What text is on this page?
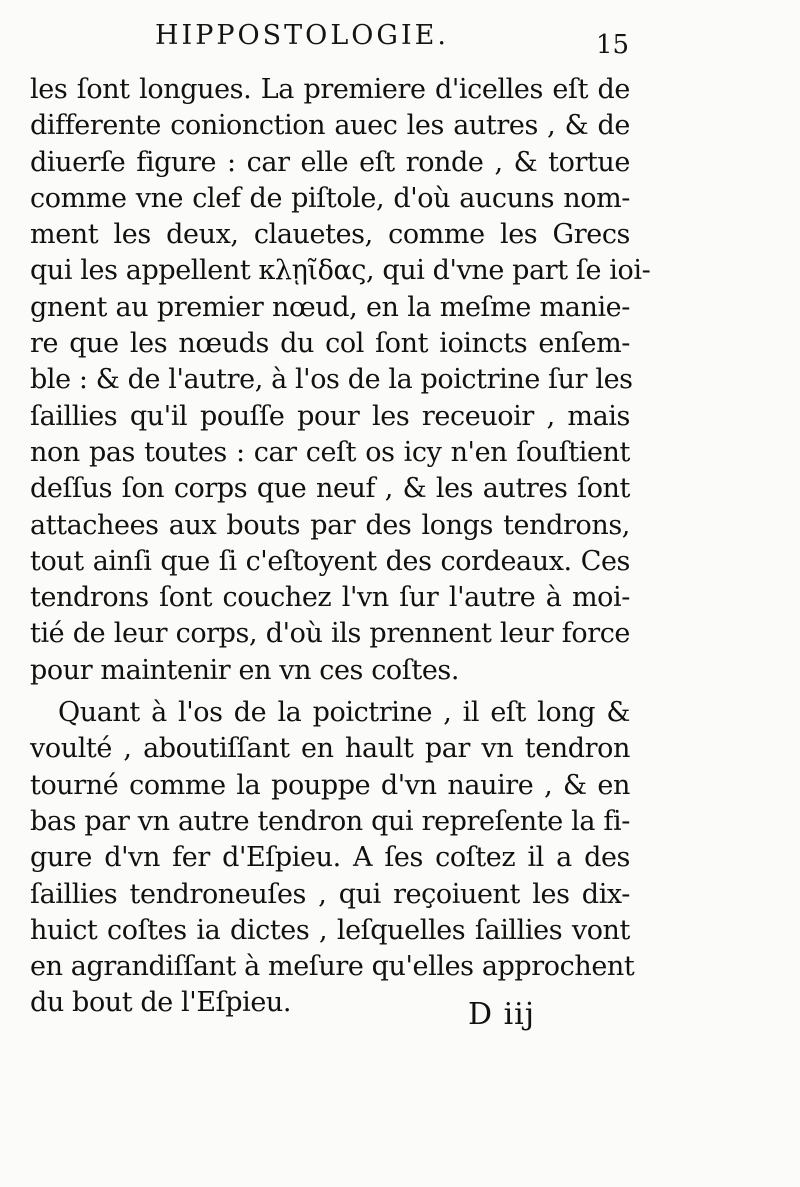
HIPPOSTOLOGIE.	15
les ſont longues. La premiere d'icelles eſt de
differente conionction auec les autres , & de
diuerſe figure : car elle eſt ronde , & tortue
comme vne clef de piſtole, d'où aucuns nom-
ment les deux, clauetes, comme les Grecs
qui les appellent κλῃῖδας, qui d'vne part ſe ioi-
gnent au premier nœud, en la meſme manie-
re que les nœuds du col ſont ioincts enſem-
ble : & de l'autre, à l'os de la poictrine ſur les
ſaillies qu'il pouſſe pour les receuoir , mais
non pas toutes : car ceſt os icy n'en ſouſtient
deſſus ſon corps que neuf , & les autres ſont
attachees aux bouts par des longs tendrons,
tout ainſi que ſi c'eſtoyent des cordeaux. Ces
tendrons ſont couchez l'vn ſur l'autre à moi-
tié de leur corps, d'où ils prennent leur force
pour maintenir en vn ces coſtes.
Quant à l'os de la poictrine , il eſt long &
voulté , aboutiſſant en hault par vn tendron
tourné comme la pouppe d'vn nauire , & en
bas par vn autre tendron qui repreſente la fi-
gure d'vn fer d'Eſpieu. A ſes coſtez il a des
ſaillies tendroneuſes , qui reçoiuent les dix-
huict coſtes ia dictes , leſquelles ſaillies vont
en agrandiſſant à meſure qu'elles approchent
du bout de l'Eſpieu.	D iij
